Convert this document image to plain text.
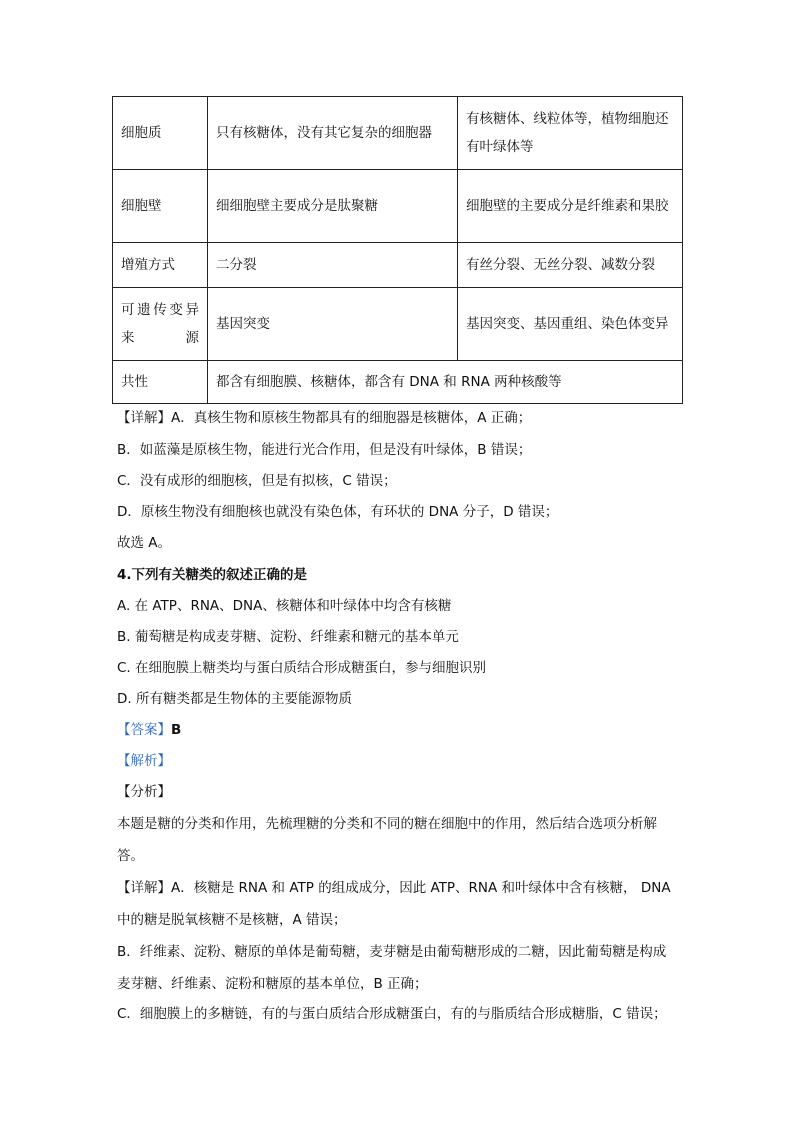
细胞质	只有核糖体，没有其它复杂的细胞器	有核糖体、线粒体等，植物细胞还有叶绿体等
细胞壁	细细胞壁主要成分是肽聚糖	细胞壁的主要成分是纤维素和果胶
增殖方式	二分裂	有丝分裂、无丝分裂、减数分裂
可遗传变异来源	基因突变	基因突变、基因重组、染色体变异
共性	都含有细胞膜、核糖体，都含有 DNA 和 RNA 两种核酸等	
【详解】A．真核生物和原核生物都具有的细胞器是核糖体，A 正确；
B．如蓝藻是原核生物，能进行光合作用，但是没有叶绿体，B 错误；
C．没有成形的细胞核，但是有拟核，C 错误；
D．原核生物没有细胞核也就没有染色体，有环状的 DNA 分子，D 错误；
故选 A。
4.下列有关糖类的叙述正确的是
A. 在 ATP、RNA、DNA、核糖体和叶绿体中均含有核糖
B. 葡萄糖是构成麦芽糖、淀粉、纤维素和糖元的基本单元
C. 在细胞膜上糖类均与蛋白质结合形成糖蛋白，参与细胞识别
D. 所有糖类都是生物体的主要能源物质
【答案】B
【解析】
【分析】
本题是糖的分类和作用，先梳理糖的分类和不同的糖在细胞中的作用，然后结合选项分析解答。
【详解】A．核糖是 RNA 和 ATP 的组成成分，因此 ATP、RNA 和叶绿体中含有核糖， DNA 中的糖是脱氧核糖不是核糖，A 错误；
B．纤维素、淀粉、糖原的单体是葡萄糖，麦芽糖是由葡萄糖形成的二糖，因此葡萄糖是构成麦芽糖、纤维素、淀粉和糖原的基本单位，B 正确；
C．细胞膜上的多糖链，有的与蛋白质结合形成糖蛋白，有的与脂质结合形成糖脂，C 错误；
